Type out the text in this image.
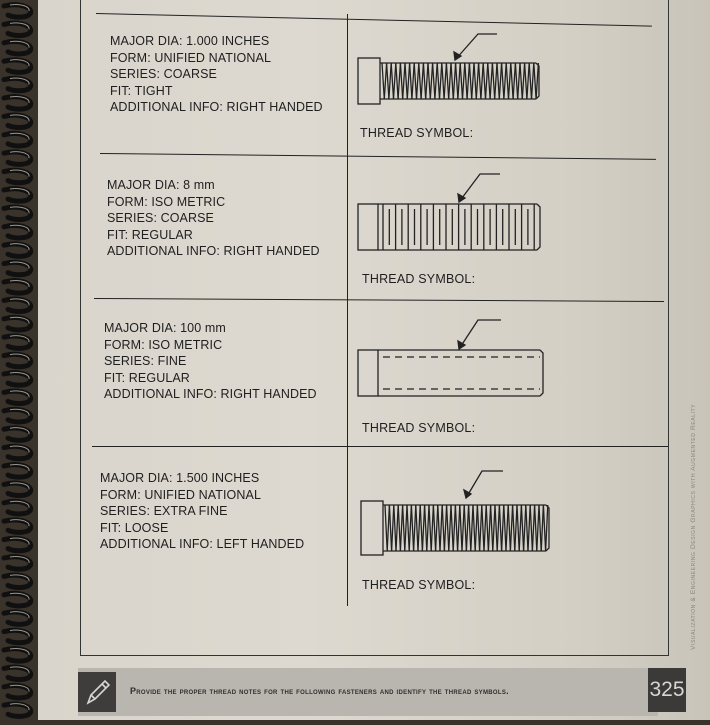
MAJOR DIA: 1.000 INCHES
FORM: UNIFIED NATIONAL
SERIES: COARSE
FIT: TIGHT
ADDITIONAL INFO: RIGHT HANDED
THREAD SYMBOL:
MAJOR DIA: 8 mm
FORM: ISO METRIC
SERIES: COARSE
FIT: REGULAR
ADDITIONAL INFO: RIGHT HANDED
THREAD SYMBOL:
MAJOR DIA: 100 mm
FORM: ISO METRIC
SERIES: FINE
FIT: REGULAR
ADDITIONAL INFO: RIGHT HANDED
THREAD SYMBOL:
MAJOR DIA: 1.500 INCHES
FORM: UNIFIED NATIONAL
SERIES: EXTRA FINE
FIT: LOOSE
ADDITIONAL INFO: LEFT HANDED
THREAD SYMBOL:
Provide the proper thread notes for the following fasteners and identify the thread symbols.	325
Visualization & Engineering Design Graphics with Augmented Reality
